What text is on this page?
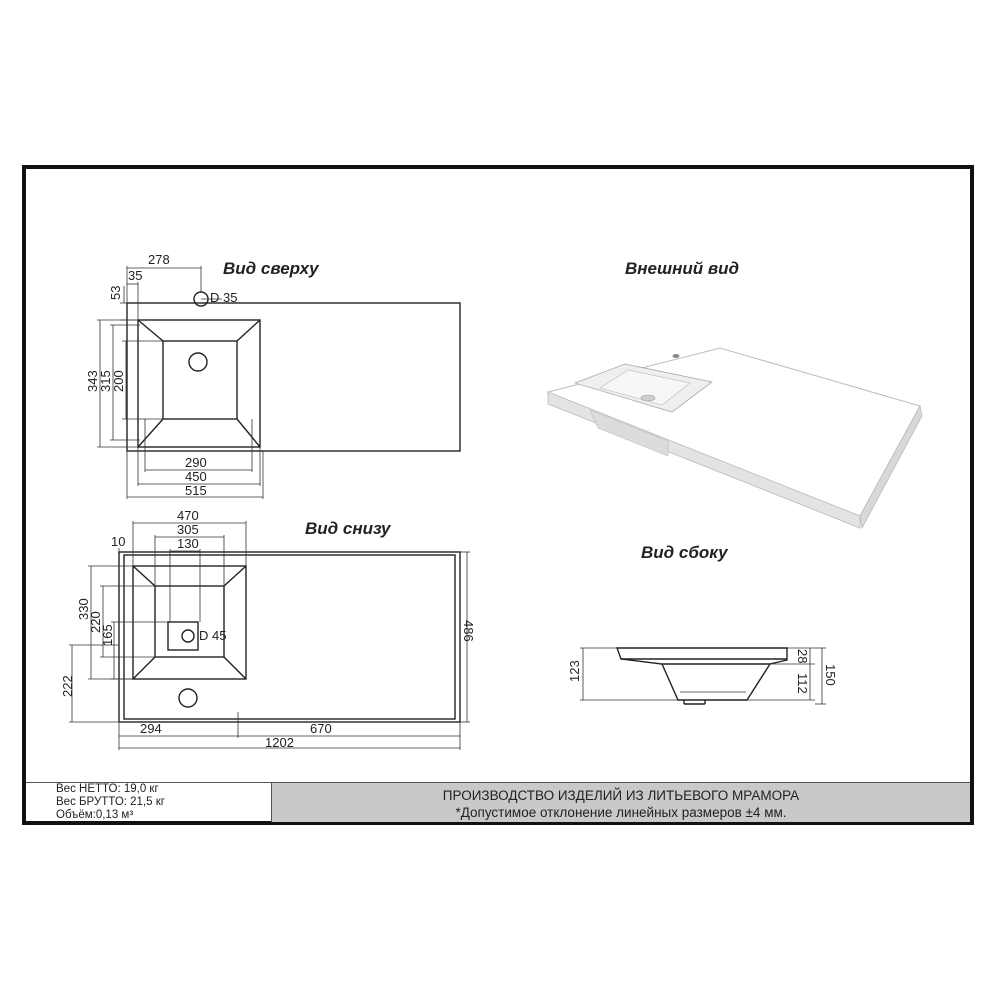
Вид сверху
D 35
278
35
53
343
315
200
290
450
515
Внешний вид
Вид снизу
D 45
470
305
130
10
330
220
165
222
486
294	670
1202
Вид сбоку
123
28
112 150
Вес НЕТТО: 19,0 кг
Вес БРУТТО: 21,5 кг
Объём:0,13 м³
ПРОИЗВОДСТВО ИЗДЕЛИЙ ИЗ ЛИТЬЕВОГО МРАМОРА
*Допустимое отклонение линейных размеров ±4 мм.
